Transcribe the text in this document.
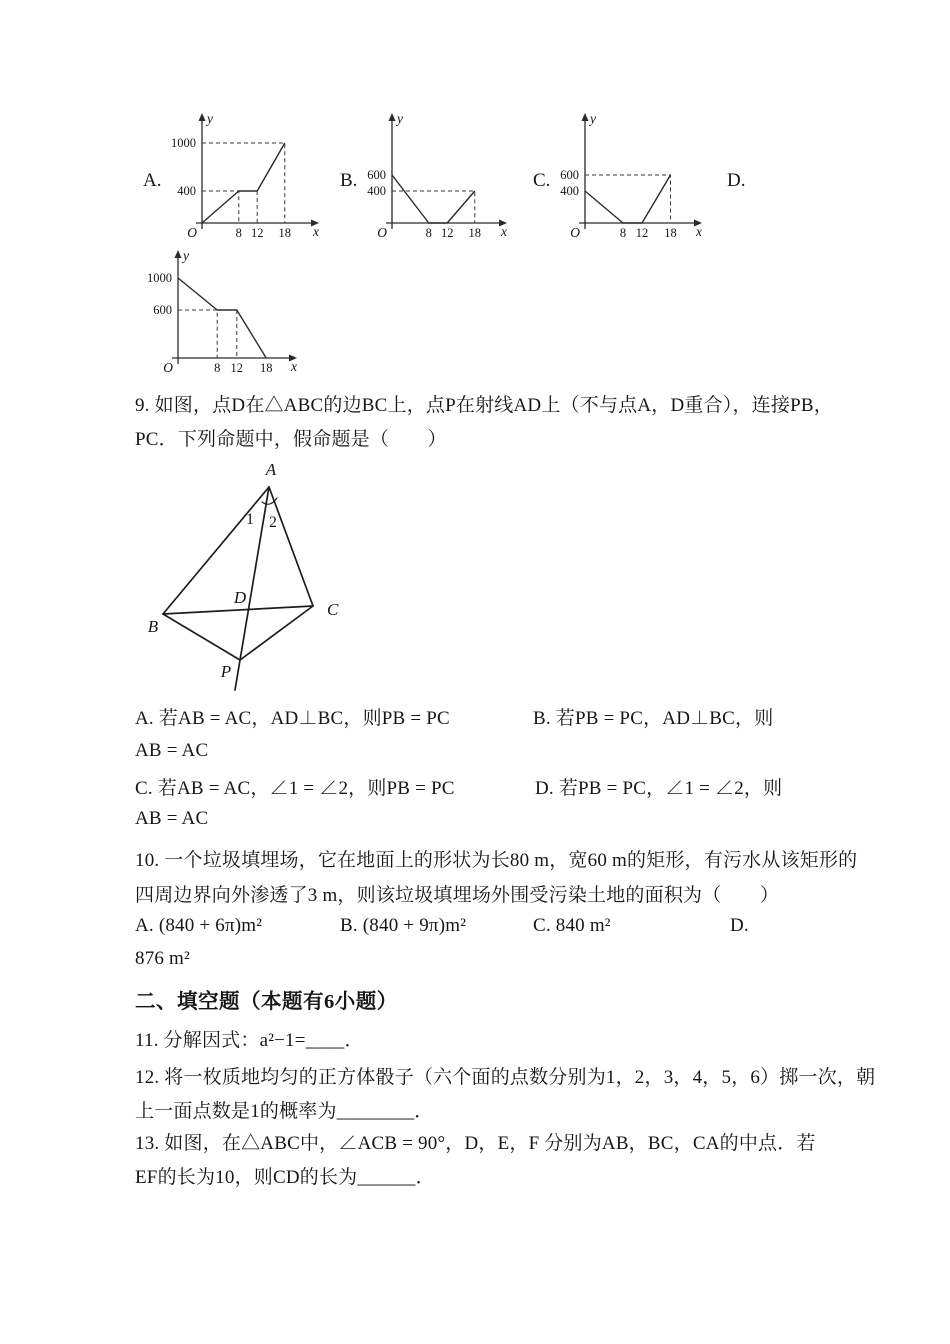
A.	B.	C.	D.
y
x
O	8 12 18
1000
400
y
x
O	8 12 18
600
400
y
x
O	8 12 18
600
400
y
x
O	8 12 18
1000
600
9. 如图，点D在△ABC的边BC上，点P在射线AD上（不与点A，D重合），连接PB，
PC．下列命题中，假命题是（　　）
A
B
C
D
P
1 2
A. 若AB = AC，AD⊥BC，则PB = PC	B. 若PB = PC，AD⊥BC，则
AB = AC
C. 若AB = AC，∠1 = ∠2，则PB = PC	D. 若PB = PC，∠1 = ∠2，则
AB = AC
10. 一个垃圾填埋场，它在地面上的形状为长80 m，宽60 m的矩形，有污水从该矩形的
四周边界向外渗透了3 m，则该垃圾填埋场外围受污染土地的面积为（　　）
A. (840 + 6π)m²	B. (840 + 9π)m²	C. 840 m²	D.
876 m²
二、填空题（本题有6小题）
11. 分解因式：a²−1=____．
12. 将一枚质地均匀的正方体骰子（六个面的点数分别为1，2，3，4，5，6）掷一次，朝
上一面点数是1的概率为________．
13. 如图，在△ABC中，∠ACB = 90°，D，E，F 分别为AB，BC，CA的中点．若
EF的长为10，则CD的长为______．
